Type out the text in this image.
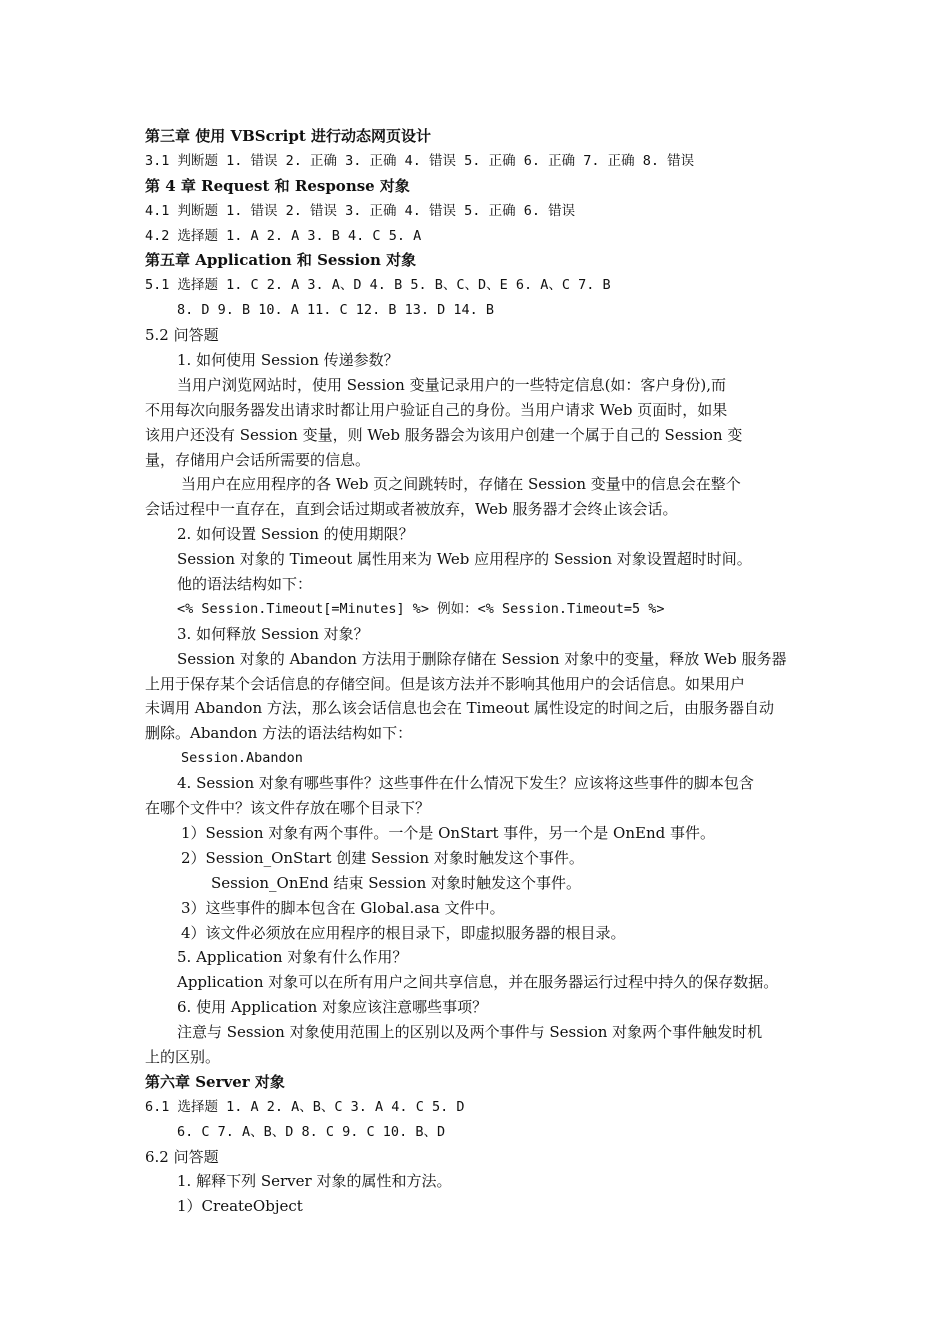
第三章 使用 VBScript 进行动态网页设计
3.1 判断题 1. 错误 2. 正确 3. 正确 4. 错误 5. 正确 6. 正确 7. 正确 8. 错误
第 4 章 Request 和 Response 对象
4.1 判断题 1. 错误 2. 错误 3. 正确 4. 错误 5. 正确 6. 错误
4.2 选择题 1. A 2. A 3. B 4. C 5. A
第五章 Application 和 Session 对象
5.1 选择题 1. C 2. A 3. A、D 4. B 5. B、C、D、E 6. A、C 7. B
8. D 9. B 10. A 11. C 12. B 13. D 14. B
5.2 问答题
1. 如何使用 Session 传递参数？
当用户浏览网站时，使用 Session 变量记录用户的一些特定信息(如：客户身份),而
不用每次向服务器发出请求时都让用户验证自己的身份。当用户请求 Web 页面时，如果
该用户还没有 Session 变量，则 Web 服务器会为该用户创建一个属于自己的 Session 变
量，存储用户会话所需要的信息。
当用户在应用程序的各 Web 页之间跳转时，存储在 Session 变量中的信息会在整个
会话过程中一直存在，直到会话过期或者被放弃，Web 服务器才会终止该会话。
2. 如何设置 Session 的使用期限？
Session 对象的 Timeout 属性用来为 Web 应用程序的 Session 对象设置超时时间。
他的语法结构如下：
<% Session.Timeout[=Minutes] %> 例如：<% Session.Timeout=5 %>
3. 如何释放 Session 对象？
Session 对象的 Abandon 方法用于删除存储在 Session 对象中的变量，释放 Web 服务器
上用于保存某个会话信息的存储空间。但是该方法并不影响其他用户的会话信息。如果用户
未调用 Abandon 方法，那么该会话信息也会在 Timeout 属性设定的时间之后，由服务器自动
删除。Abandon 方法的语法结构如下：
Session.Abandon
4. Session 对象有哪些事件？这些事件在什么情况下发生？应该将这些事件的脚本包含
在哪个文件中？该文件存放在哪个目录下？
1）Session 对象有两个事件。一个是 OnStart 事件，另一个是 OnEnd 事件。
2）Session_OnStart 创建 Session 对象时触发这个事件。
Session_OnEnd 结束 Session 对象时触发这个事件。
3）这些事件的脚本包含在 Global.asa 文件中。
4）该文件必须放在应用程序的根目录下，即虚拟服务器的根目录。
5. Application 对象有什么作用？
Application 对象可以在所有用户之间共享信息，并在服务器运行过程中持久的保存数据。
6. 使用 Application 对象应该注意哪些事项？
注意与 Session 对象使用范围上的区别以及两个事件与 Session 对象两个事件触发时机
上的区别。
第六章 Server 对象
6.1 选择题 1. A 2. A、B、C 3. A 4. C 5. D
6. C 7. A、B、D 8. C 9. C 10. B、D
6.2 问答题
1. 解释下列 Server 对象的属性和方法。
1）CreateObject
